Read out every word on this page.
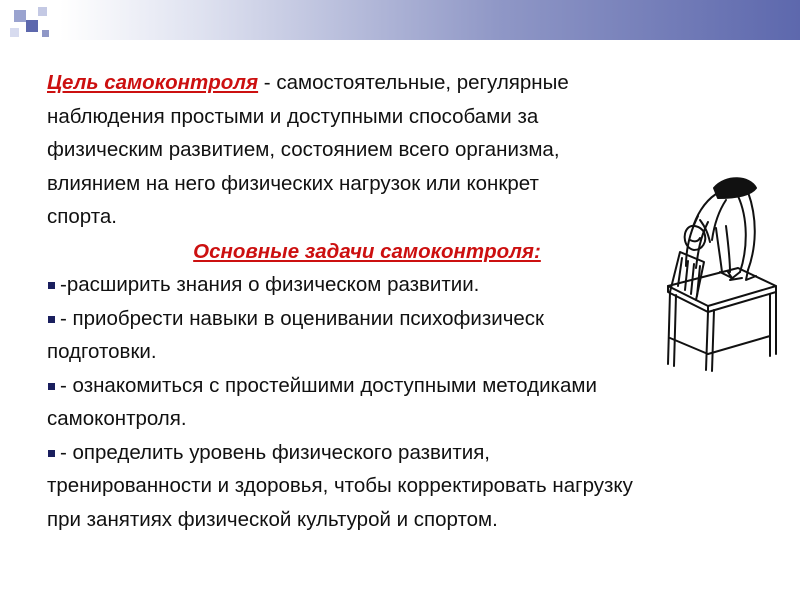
Цель самоконтроля - самостоятельные, регулярные

наблюдения простыми и доступными способами за

физическим развитием, состоянием всего организма,

влиянием на него физических нагрузок или конкрет

спорта.

Основные задачи самоконтроля:

-расширить знания о физическом развитии.

- приобрести навыки в оценивании психофизическ

подготовки.

- ознакомиться с простейшими доступными методиками

самоконтроля.

- определить уровень физического развития,

тренированности и здоровья, чтобы корректировать нагрузку

при занятиях физической культурой и спортом.
